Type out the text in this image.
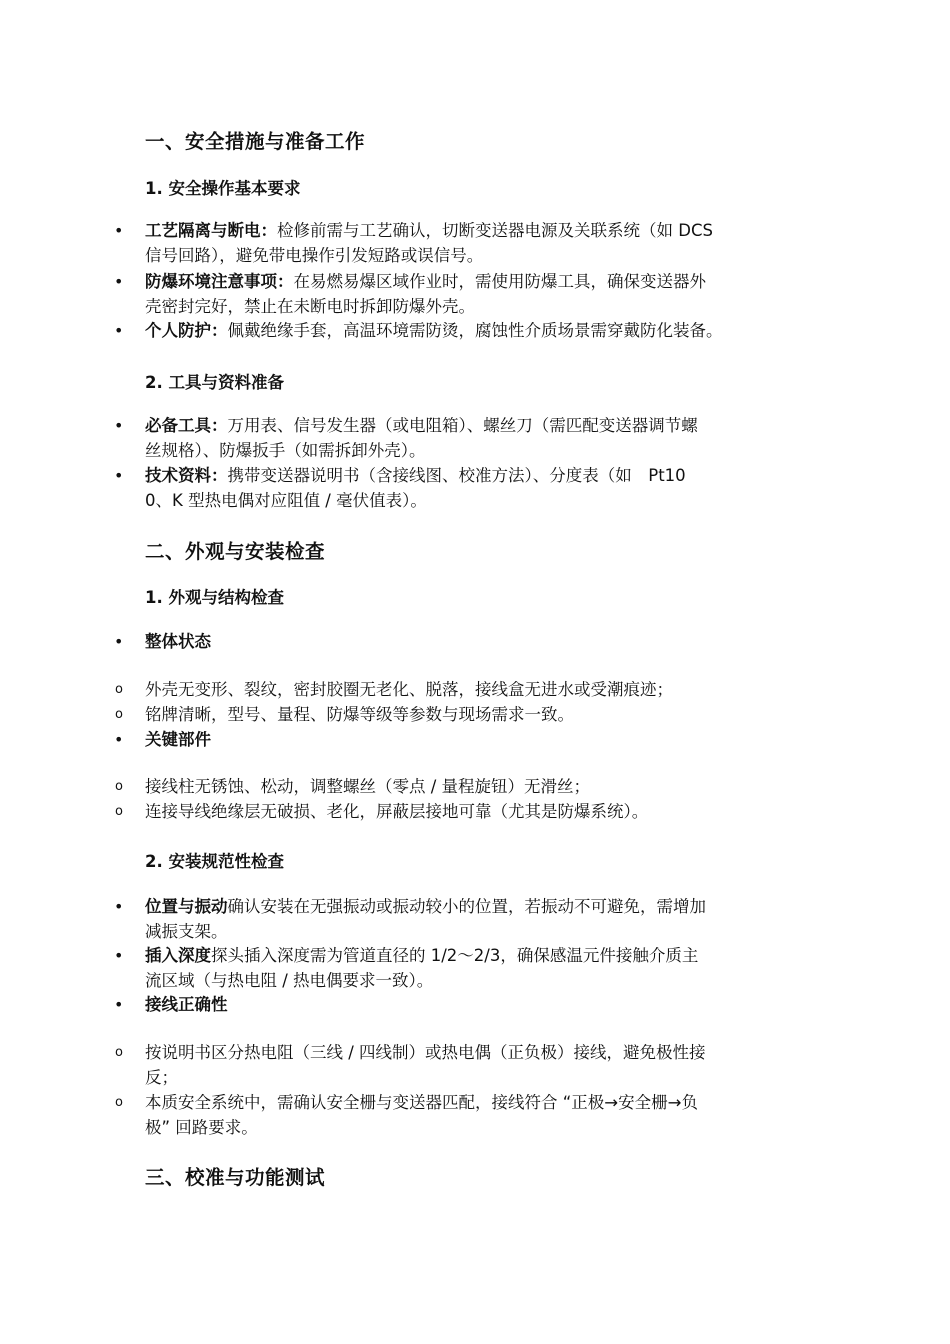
一、安全措施与准备工作
1. 安全操作基本要求
• 工艺隔离与断电：检修前需与工艺确认，切断变送器电源及关联系统（如 DCS
信号回路），避免带电操作引发短路或误信号。
• 防爆环境注意事项：在易燃易爆区域作业时，需使用防爆工具，确保变送器外
壳密封完好，禁止在未断电时拆卸防爆外壳。
• 个人防护：佩戴绝缘手套，高温环境需防烫，腐蚀性介质场景需穿戴防化装备。
2. 工具与资料准备
• 必备工具：万用表、信号发生器（或电阻箱）、螺丝刀（需匹配变送器调节螺
丝规格）、防爆扳手（如需拆卸外壳）。
• 技术资料：携带变送器说明书（含接线图、校准方法）、分度表（如　Pt10
0、K 型热电偶对应阻值 / 毫伏值表）。
二、外观与安装检查
1. 外观与结构检查
• 整体状态
o 外壳无变形、裂纹，密封胶圈无老化、脱落，接线盒无进水或受潮痕迹；
o 铭牌清晰，型号、量程、防爆等级等参数与现场需求一致。
• 关键部件
o 接线柱无锈蚀、松动，调整螺丝（零点 / 量程旋钮）无滑丝；
o 连接导线绝缘层无破损、老化，屏蔽层接地可靠（尤其是防爆系统）。
2. 安装规范性检查
• 位置与振动确认安装在无强振动或振动较小的位置，若振动不可避免，需增加
减振支架。
• 插入深度探头插入深度需为管道直径的 1/2～2/3，确保感温元件接触介质主
流区域（与热电阻 / 热电偶要求一致）。
• 接线正确性
o 按说明书区分热电阻（三线 / 四线制）或热电偶（正负极）接线，避免极性接
反；
o 本质安全系统中，需确认安全栅与变送器匹配，接线符合 “正极→安全栅→负
极” 回路要求。
三、校准与功能测试
